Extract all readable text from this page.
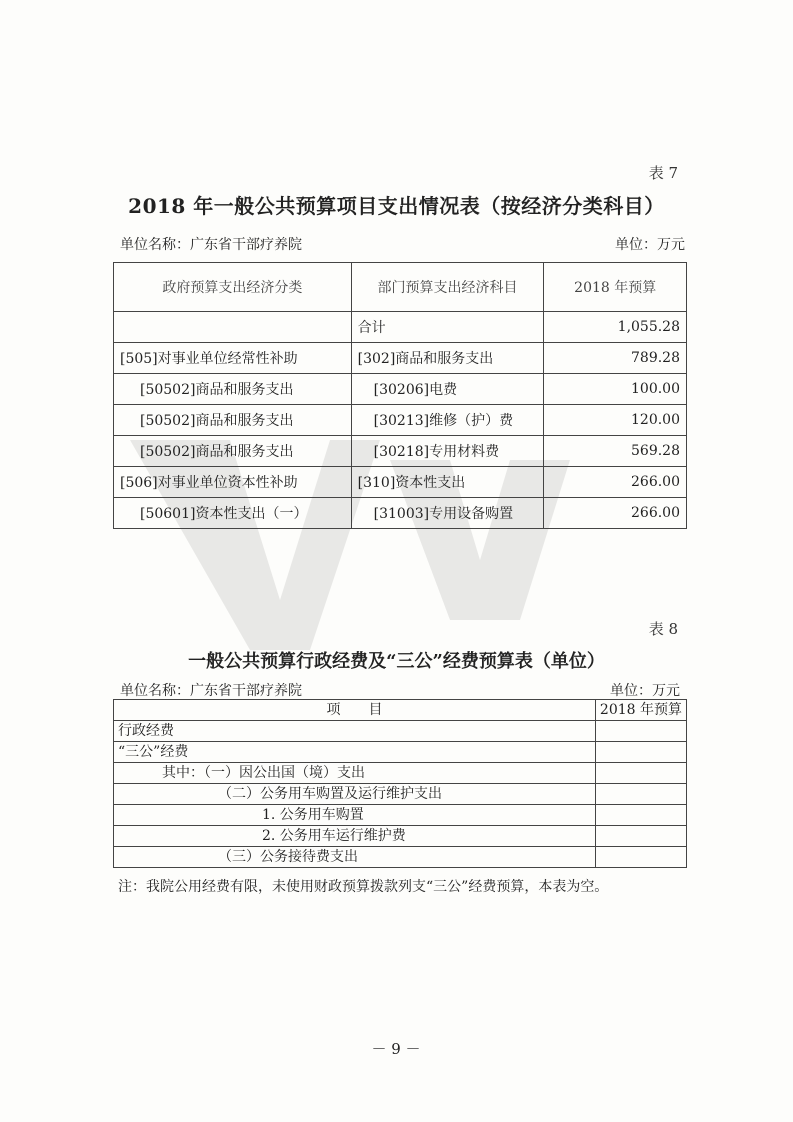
表 7
2018 年一般公共预算项目支出情况表（按经济分类科目）
单位名称：广东省干部疗养院	单位：万元
政府预算支出经济分类	部门预算支出经济科目	2018 年预算
	合计	1,055.28
[505]对事业单位经常性补助	[302]商品和服务支出	789.28
[50502]商品和服务支出	[30206]电费	100.00
[50502]商品和服务支出	[30213]维修（护）费	120.00
[50502]商品和服务支出	[30218]专用材料费	569.28
[506]对事业单位资本性补助	[310]资本性支出	266.00
[50601]资本性支出（一）	[31003]专用设备购置	266.00
表 8
一般公共预算行政经费及“三公”经费预算表（单位）
单位名称：广东省干部疗养院	单位：万元
项　　目	2018 年预算
行政经费	
“三公”经费	
其中：（一）因公出国（境）支出	
（二）公务用车购置及运行维护支出	
1. 公务用车购置	
2. 公务用车运行维护费	
（三）公务接待费支出	
注：我院公用经费有限，未使用财政预算拨款列支“三公”经费预算，本表为空。
－ 9 －
